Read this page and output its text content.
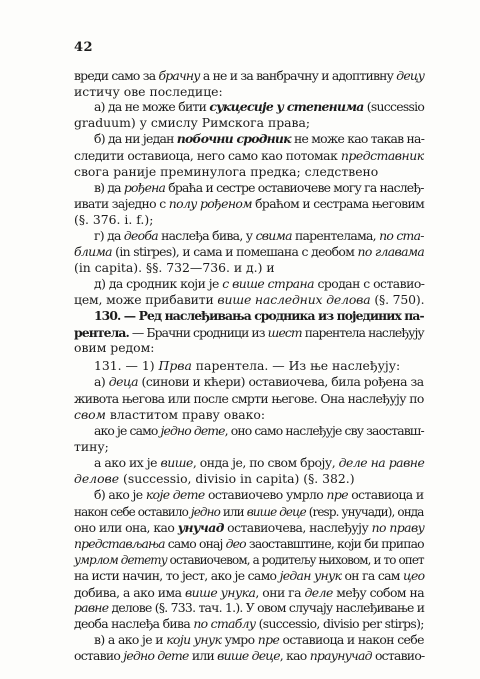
42
вреди само за брачну а не и за ванбрачну и адоптивну децу
истичу ове последице:
а) да не може бити сукцесије у степенима (successio
graduum) у смислу Римскога права;
б) да ни један побочни сродник не може као такав на-
следити оставиоца, него само као потомак представник
свога раније преминулога предка; следствено
в) да рођена браћа и сестре оставиочеве могу га наслеђ-
ивати заједно с полу рођеном браћом и сестрама његовим
(§. 376. і. f.);
г) да деоба наслеђа бива, у свима парентелама, по ста-
блима (in stirpes), и сама и помешана с деобом по главама
(in capita). §§. 732—736. и д.) и
д) да сродник који је с више страна сродан с оставио-
цем, може прибавити више наследних делова (§. 750).
130. — Ред наслеђивања сродника из појединих па-
рентела. — Брачни сродници из шест парентела наслеђују
овим редом:
131. — 1) Прва парентела. — Из ње наслеђују:
а) деца (синови и кћери) оставиочева, била рођена за
живота његова или после смрти његове. Она наслеђују по
свом властитом праву овако:
ако је само једно дете, оно само наслеђује сву заоставш-
тину;
а ако их је више, онда је, по свом броју, деле на равне
делове (successio, divisio in capita) (§. 382.)
б) ако је које дете оставиочево умрло пре оставиоца и
након себе оставило једно или више деце (resp. унучади), онда
оно или она, као унучад оставиочева, наслеђују по праву
представљања само онај део заоставштине, који би припао
умрлом детету оставиочевом, а родитељу њиховом, и то опет
на исти начин, то јест, ако је само један унук он га сам цео
добива, а ако има више унука, они га деле међу собом на
равне делове (§. 733. тач. 1.). У овом случају наслеђивање и
деоба наслеђа бива по стаблу (successio, divisio per stirps);
в) а ако је и који унук умро пре оставиоца и након себе
оставио једно дете или више деце, као праунучад оставио-
